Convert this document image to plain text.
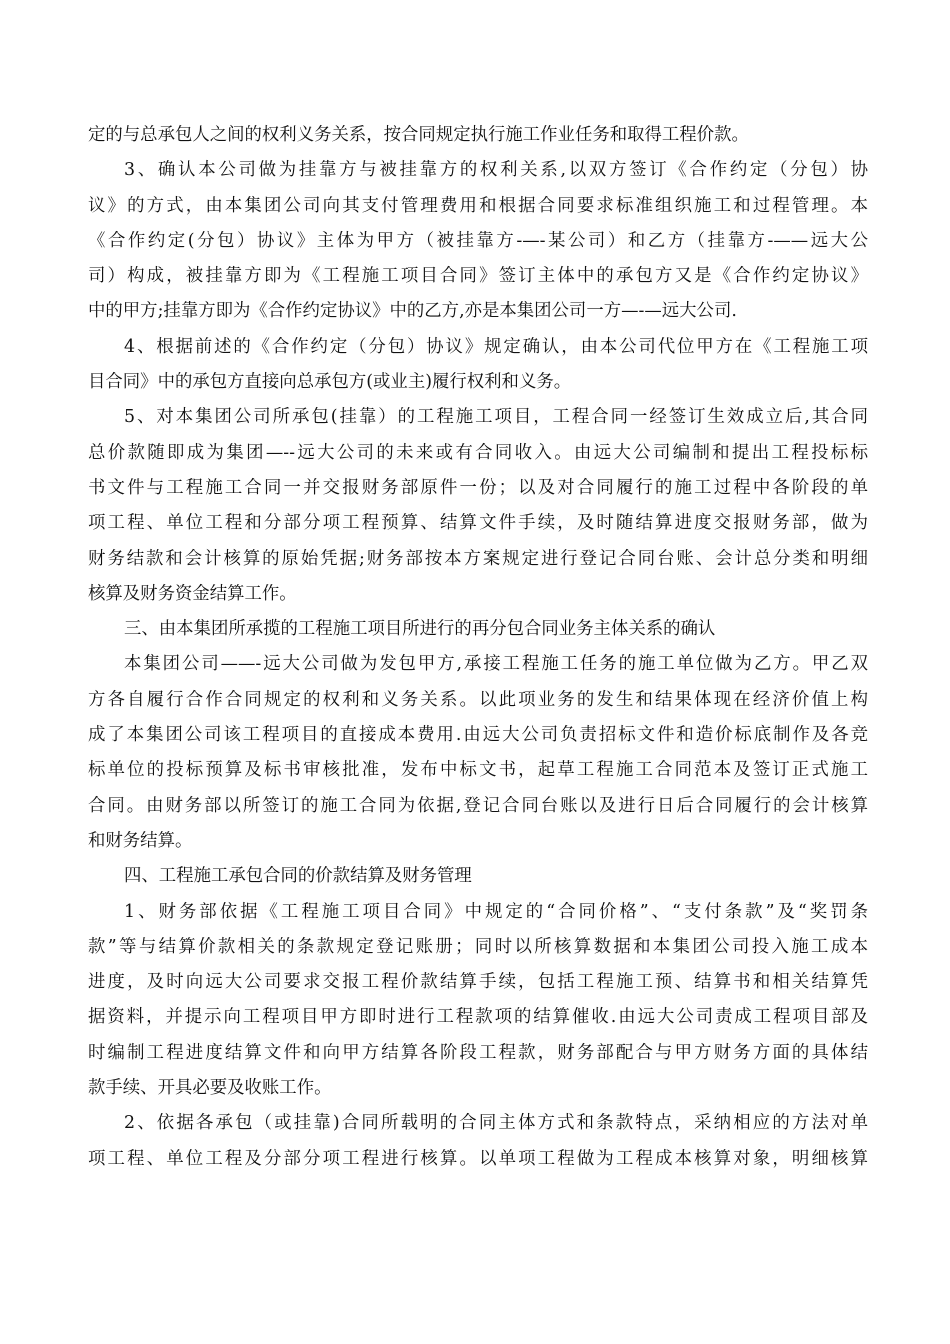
定的与总承包人之间的权利义务关系，按合同规定执行施工作业任务和取得工程价款。
3、确认本公司做为挂靠方与被挂靠方的权利关系,以双方签订《合作约定（分包）协
议》的方式，由本集团公司向其支付管理费用和根据合同要求标准组织施工和过程管理。本
《合作约定(分包）协议》主体为甲方（被挂靠方-—-某公司）和乙方（挂靠方-——远大公
司）构成，被挂靠方即为《工程施工项目合同》签订主体中的承包方又是《合作约定协议》
中的甲方;挂靠方即为《合作约定协议》中的乙方,亦是本集团公司一方—-—远大公司.
4、根据前述的《合作约定（分包）协议》规定确认，由本公司代位甲方在《工程施工项
目合同》中的承包方直接向总承包方(或业主)履行权利和义务。
5、对本集团公司所承包(挂靠）的工程施工项目，工程合同一经签订生效成立后,其合同
总价款随即成为集团—--远大公司的未来或有合同收入。由远大公司编制和提出工程投标标
书文件与工程施工合同一并交报财务部原件一份；以及对合同履行的施工过程中各阶段的单
项工程、单位工程和分部分项工程预算、结算文件手续，及时随结算进度交报财务部，做为
财务结款和会计核算的原始凭据;财务部按本方案规定进行登记合同台账、会计总分类和明细
核算及财务资金结算工作。
三、由本集团所承揽的工程施工项目所进行的再分包合同业务主体关系的确认
本集团公司——-远大公司做为发包甲方,承接工程施工任务的施工单位做为乙方。甲乙双
方各自履行合作合同规定的权利和义务关系。以此项业务的发生和结果体现在经济价值上构
成了本集团公司该工程项目的直接成本费用.由远大公司负责招标文件和造价标底制作及各竞
标单位的投标预算及标书审核批准，发布中标文书，起草工程施工合同范本及签订正式施工
合同。由财务部以所签订的施工合同为依据,登记合同台账以及进行日后合同履行的会计核算
和财务结算。
四、工程施工承包合同的价款结算及财务管理
1、财务部依据《工程施工项目合同》中规定的“合同价格”、“支付条款”及“奖罚条
款”等与结算价款相关的条款规定登记账册；同时以所核算数据和本集团公司投入施工成本
进度，及时向远大公司要求交报工程价款结算手续，包括工程施工预、结算书和相关结算凭
据资料，并提示向工程项目甲方即时进行工程款项的结算催收.由远大公司责成工程项目部及
时编制工程进度结算文件和向甲方结算各阶段工程款，财务部配合与甲方财务方面的具体结
款手续、开具必要及收账工作。
2、依据各承包（或挂靠)合同所载明的合同主体方式和条款特点，采纳相应的方法对单
项工程、单位工程及分部分项工程进行核算。以单项工程做为工程成本核算对象，明细核算
